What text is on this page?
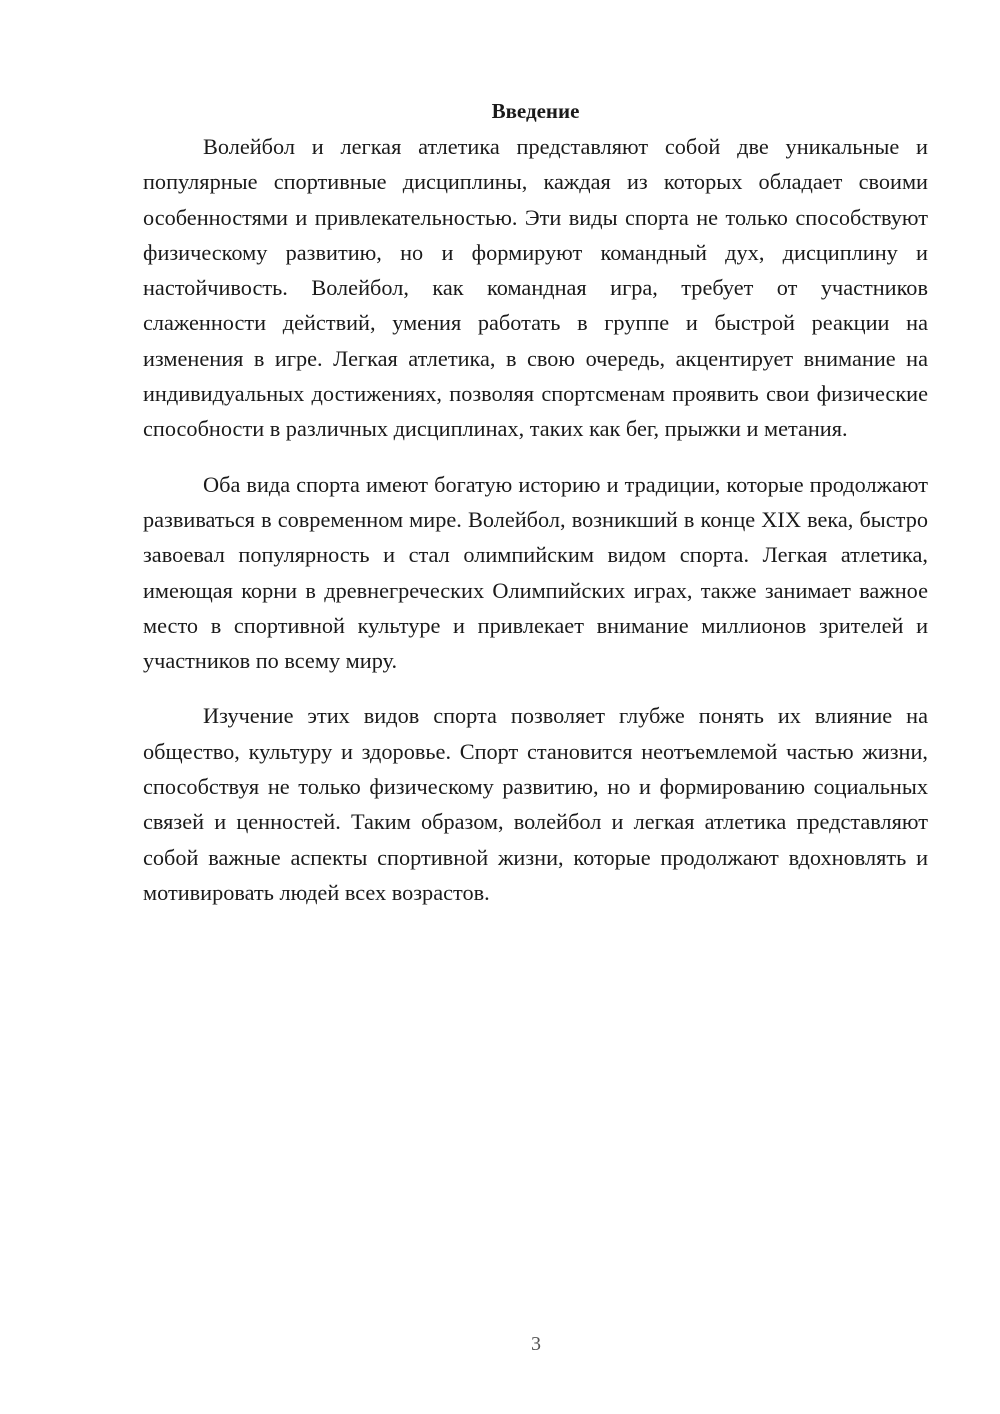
Введение

Волейбол и легкая атлетика представляют собой две уникальные и популярные спортивные дисциплины, каждая из которых обладает своими особенностями и привлекательностью. Эти виды спорта не только способствуют физическому развитию, но и формируют командный дух, дисциплину и настойчивость. Волейбол, как командная игра, требует от участников слаженности действий, умения работать в группе и быстрой реакции на изменения в игре. Легкая атлетика, в свою очередь, акцентирует внимание на индивидуальных достижениях, позволяя спортсменам проявить свои физические способности в различных дисциплинах, таких как бег, прыжки и метания.

Оба вида спорта имеют богатую историю и традиции, которые продолжают развиваться в современном мире. Волейбол, возникший в конце XIX века, быстро завоевал популярность и стал олимпийским видом спорта. Легкая атлетика, имеющая корни в древнегреческих Олимпийских играх, также занимает важное место в спортивной культуре и привлекает внимание миллионов зрителей и участников по всему миру.

Изучение этих видов спорта позволяет глубже понять их влияние на общество, культуру и здоровье. Спорт становится неотъемлемой частью жизни, способствуя не только физическому развитию, но и формированию социальных связей и ценностей. Таким образом, волейбол и легкая атлетика представляют собой важные аспекты спортивной жизни, которые продолжают вдохновлять и мотивировать людей всех возрастов.

3
